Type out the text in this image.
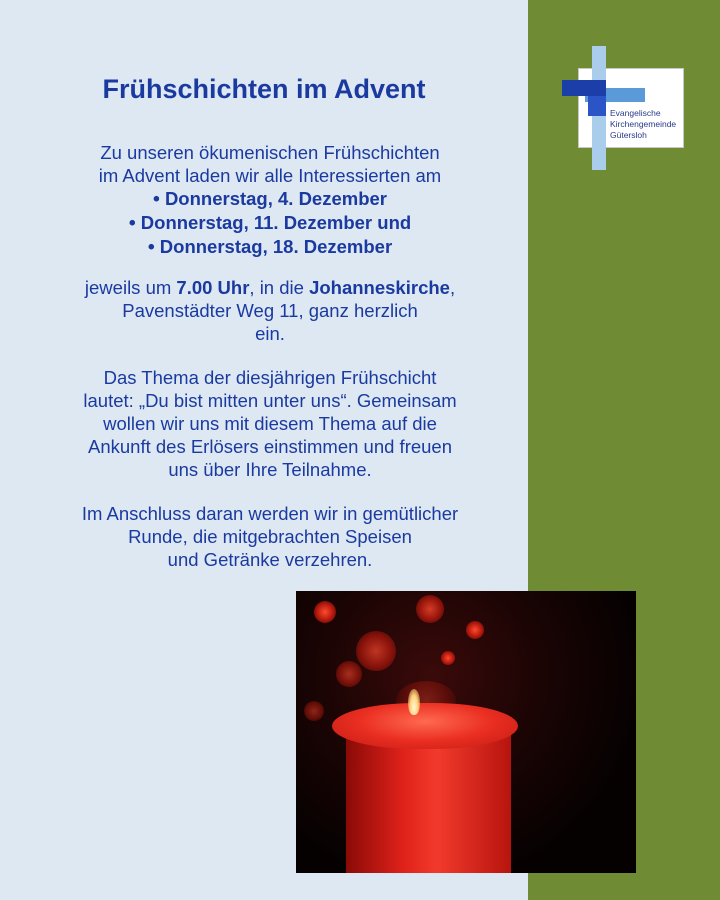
Evangelische
Kirchengemeinde
Gütersloh
Frühschichten im Advent
Zu unseren ökumenischen Frühschichten
im Advent laden wir alle Interessierten am
• Donnerstag, 4. Dezember
• Donnerstag, 11. Dezember und
• Donnerstag, 18. Dezember
jeweils um 7.00 Uhr, in die Johanneskirche,
Pavenstädter Weg 11, ganz herzlich
ein.
Das Thema der diesjährigen Frühschicht
lautet: „Du bist mitten unter uns“. Gemeinsam
wollen wir uns mit diesem Thema auf die
Ankunft des Erlösers einstimmen und freuen
uns über Ihre Teilnahme.
Im Anschluss daran werden wir in gemütlicher
Runde, die mitgebrachten Speisen
und Getränke verzehren.
